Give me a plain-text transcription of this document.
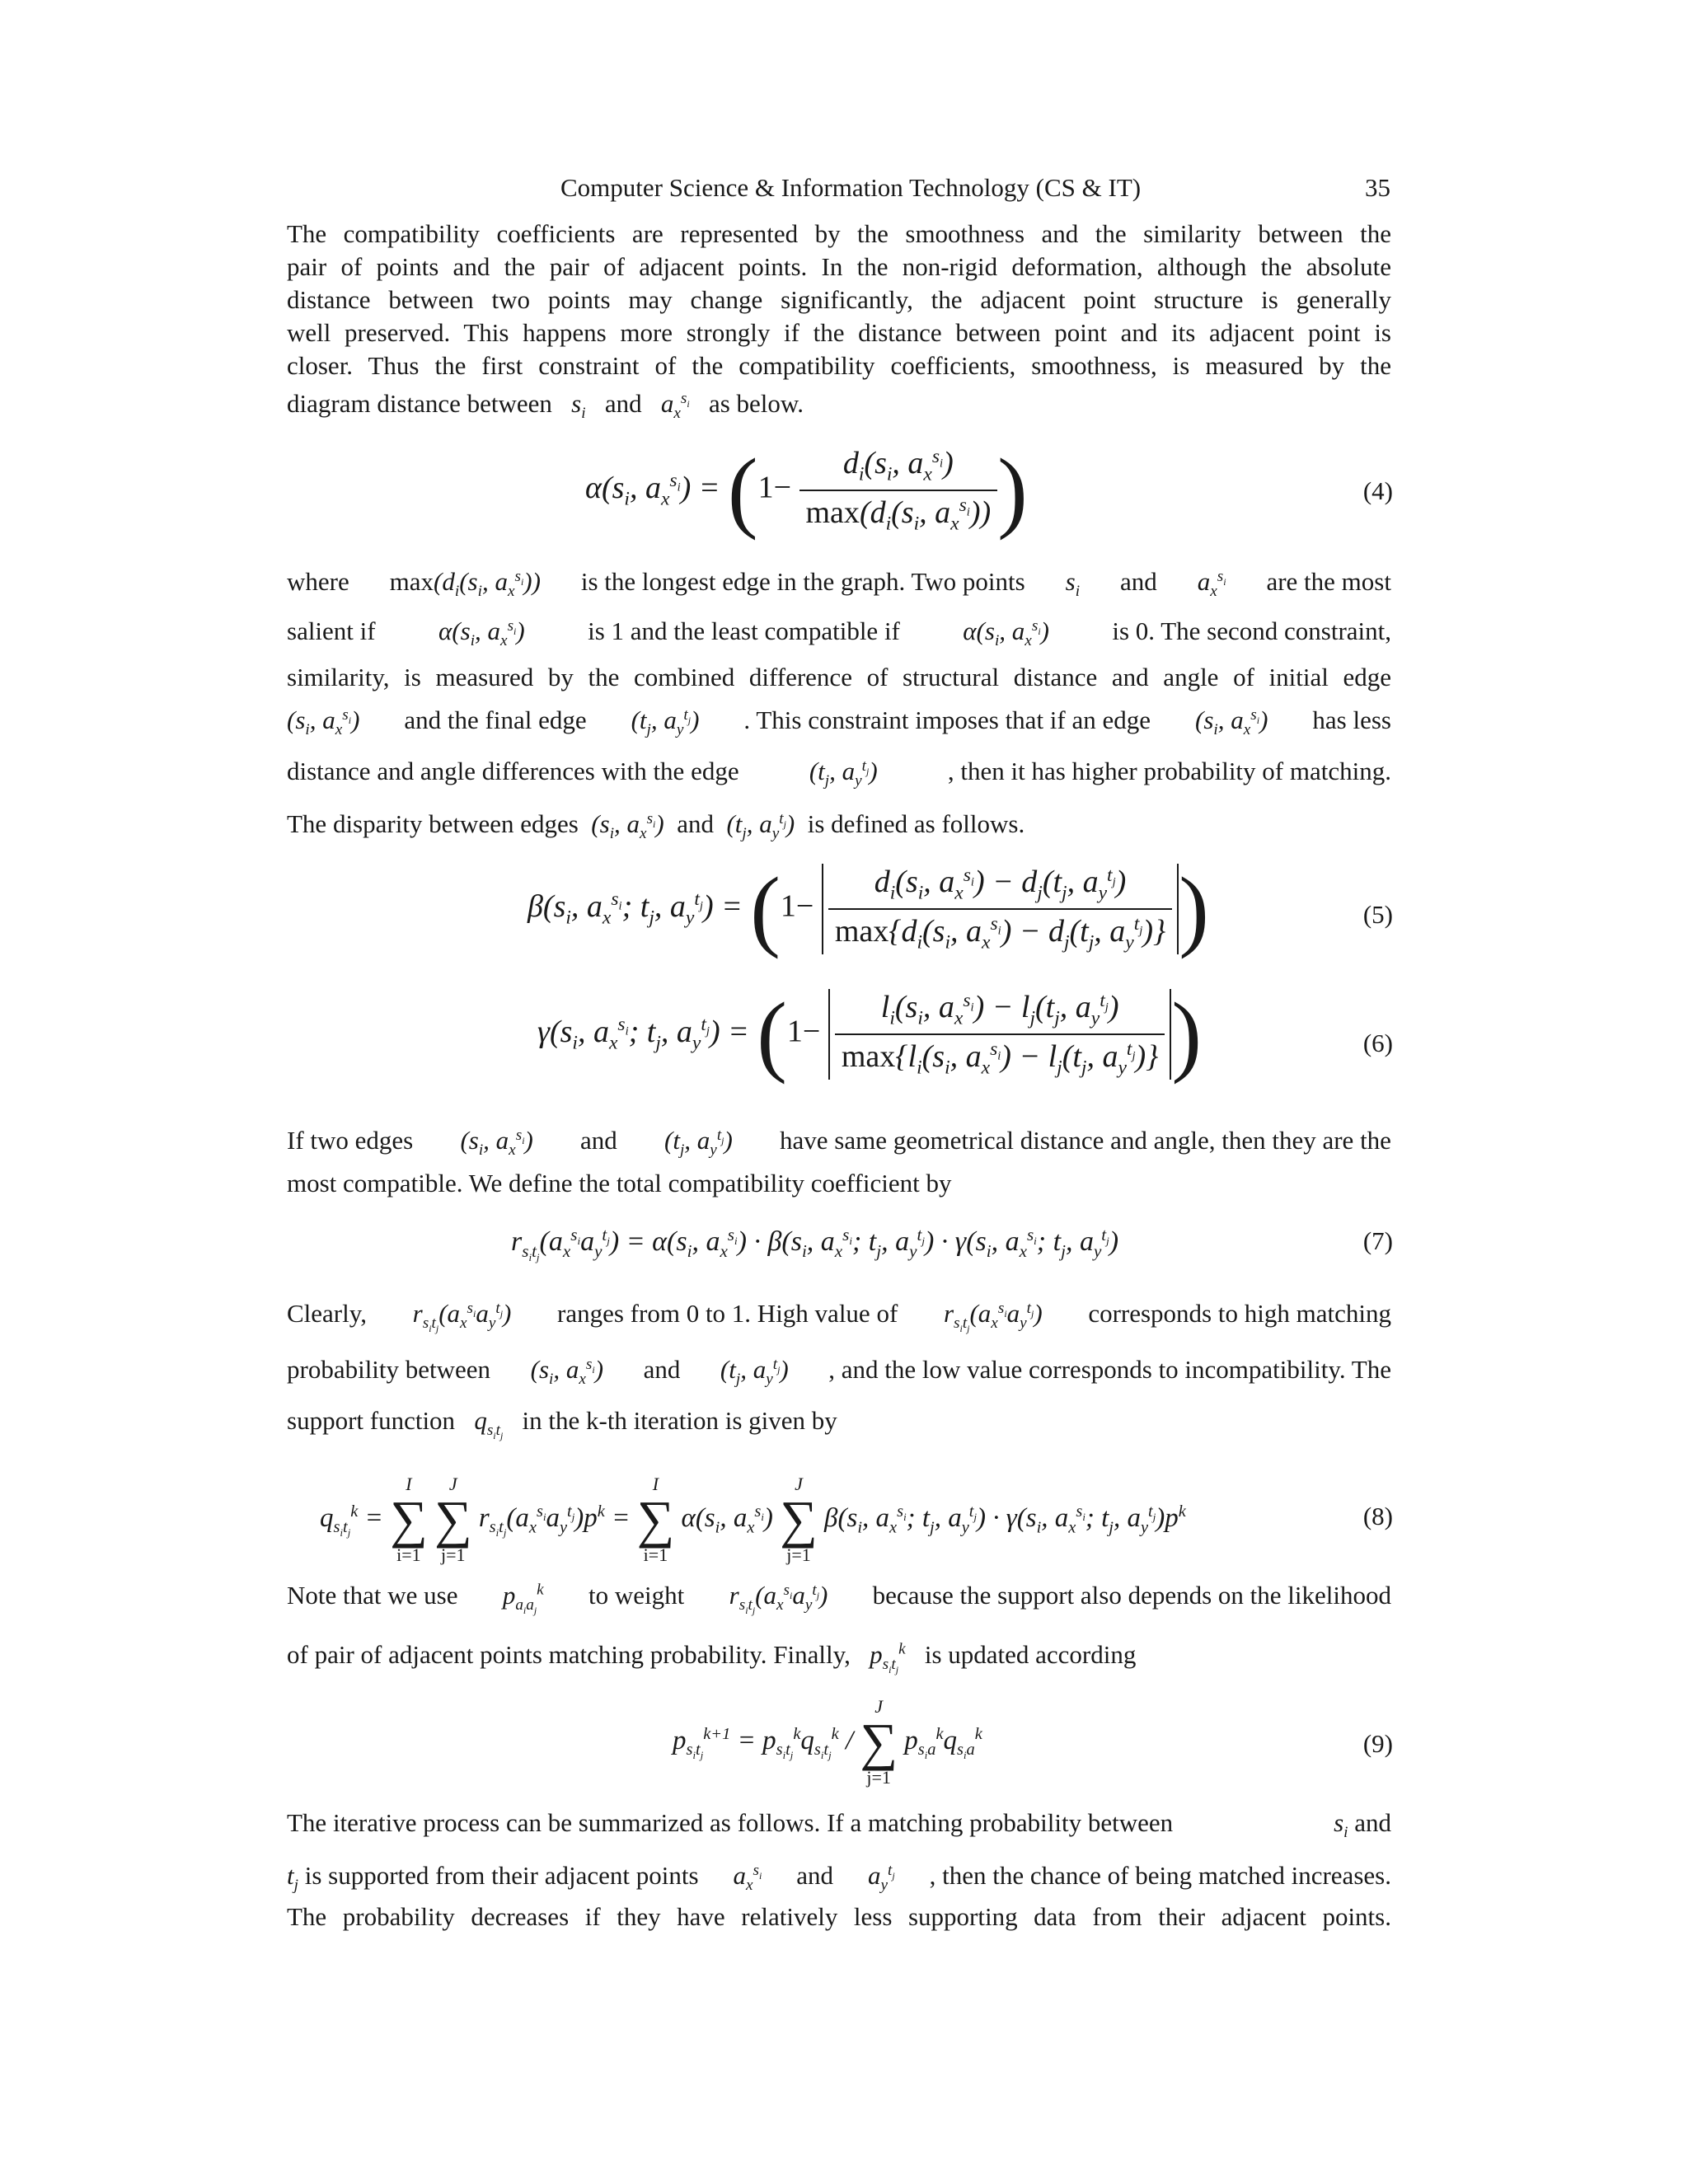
Computer Science & Information Technology (CS & IT)	35
The compatibility coefficients are represented by the smoothness and the similarity between the
pair of points and the pair of adjacent points. In the non-rigid deformation, although the absolute
distance between two points may change significantly, the adjacent point structure is generally
well preserved. This happens more strongly if the distance between point and its adjacent point is
closer. Thus the first constraint of the compatibility coefficients, smoothness, is measured by the
diagram distance between   $s_i$ and   $a_x^{s_i}$ as below.
$\alpha(s_i$, $a_x^{s_i}) = (1- \frac{d_i(s_i, a_x^{s_i})}{\max(d_i(s_i, a_x^{s_i}))}$ )	(4)
where $\max(d_i(s_i$, $a_x^{s_i}$)) is the longest edge in the graph. Two points $s_i$ and $a_x^{s_i}$ are the most
salient if $\alpha(s_i$, $a_x^{s_i}$) is 1 and the least compatible if $\alpha(s_i$, $a_x^{s_i}$) is 0. The second constraint,
similarity, is measured by the combined difference of structural distance and angle of initial edge
($s_i$, $a_x^{s_i}$) and the final edge ($t_j$, $a_y^{t_j}$) . This constraint imposes that if an edge ($s_i$, $a_x^{s_i}$) has less
distance and angle differences with the edge	($t_j$, $a_y^{t_j}$)	, then it has higher probability of matching.
The disparity between edges  ($s_i$, $a_x^{s_i}$)  and  ($t_j$, $a_y^{t_j}$)  is defined as follows.
$\beta(s_i$, $a_x^{s_i}$; $t_j$, $a_y^{t_j}) = (1- \frac{d_i(s_i, a_x^{s_i}) - d_j(t_j, a_y^{t_j})}{\max\{d_i(s_i, a_x^{s_i}) - d_j(t_j, a_y^{t_j})\}}$ )	(5)
$\gamma(s_i$, $a_x^{s_i}$; $t_j$, $a_y^{t_j}) = (1- \frac{l_i(s_i, a_x^{s_i}) - l_j(t_j, a_y^{t_j})}{\max\{l_i(s_i, a_x^{s_i}) - l_j(t_j, a_y^{t_j})\}}$ )	(6)
If two edges ($s_i$, $a_x^{s_i}$) and ($t_j$, $a_y^{t_j}$) have same geometrical distance and angle, then they are the
most compatible. We define the total compatibility coefficient by
$r_{s_it_j}(a_x^{s_i}a_y^{t_j}) = \alpha(s_i$, $a_x^{s_i}) \cdot \beta(s_i$, $a_x^{s_i}$; $t_j$, $a_y^{t_j}) \cdot \gamma(s_i$, $a_x^{s_i}$; $t_j$, $a_y^{t_j}$)	(7)
Clearly, $r_{s_it_j}(a_x^{s_i}a_y^{t_j})$ ranges from 0 to 1. High value of $r_{s_it_j}(a_x^{s_i}a_y^{t_j})$ corresponds to high matching
probability between ($s_i$, $a_x^{s_i}$) and ($t_j$, $a_y^{t_j}$) , and the low value corresponds to incompatibility. The
support function   $q_{s_it_j}$   in the k-th iteration is given by
$q_{s_it_j}^k$ =
I
∑
i=1

J
∑
j=1
$r_{s_it_j}(a_x^{s_i}a_y^{t_j})p^k$ =
I
∑
i=1
$\alpha(s_i$, $a_x^{s_i}$)
J
∑
j=1
$\beta(s_i$, $a_x^{s_i}$; $t_j$, $a_y^{t_j}) \cdot \gamma(s_i$, $a_x^{s_i}$; $t_j$, $a_y^{t_j})p^k$	(8)
Note that we use $p_{a_ia_j}^k$ to weight $r_{s_it_j}(a_x^{s_i}a_y^{t_j})$ because the support also depends on the likelihood
of pair of adjacent points matching probability. Finally,   $p_{s_it_j}^k$ is updated according
$p_{s_it_j}^{k+1} = p_{s_it_j}^kq_{s_it_j}^k$ /
J
∑
j=1
$p_{s_ia}^kq_{s_ia}^k$	(9)
The iterative process can be summarized as follows. If a matching probability between	$s_i$ and
$t_j$ is supported from their adjacent points $a_x^{s_i}$ and $a_y^{t_j}$ , then the chance of being matched increases.
The probability decreases if they have relatively less supporting data from their adjacent points.
